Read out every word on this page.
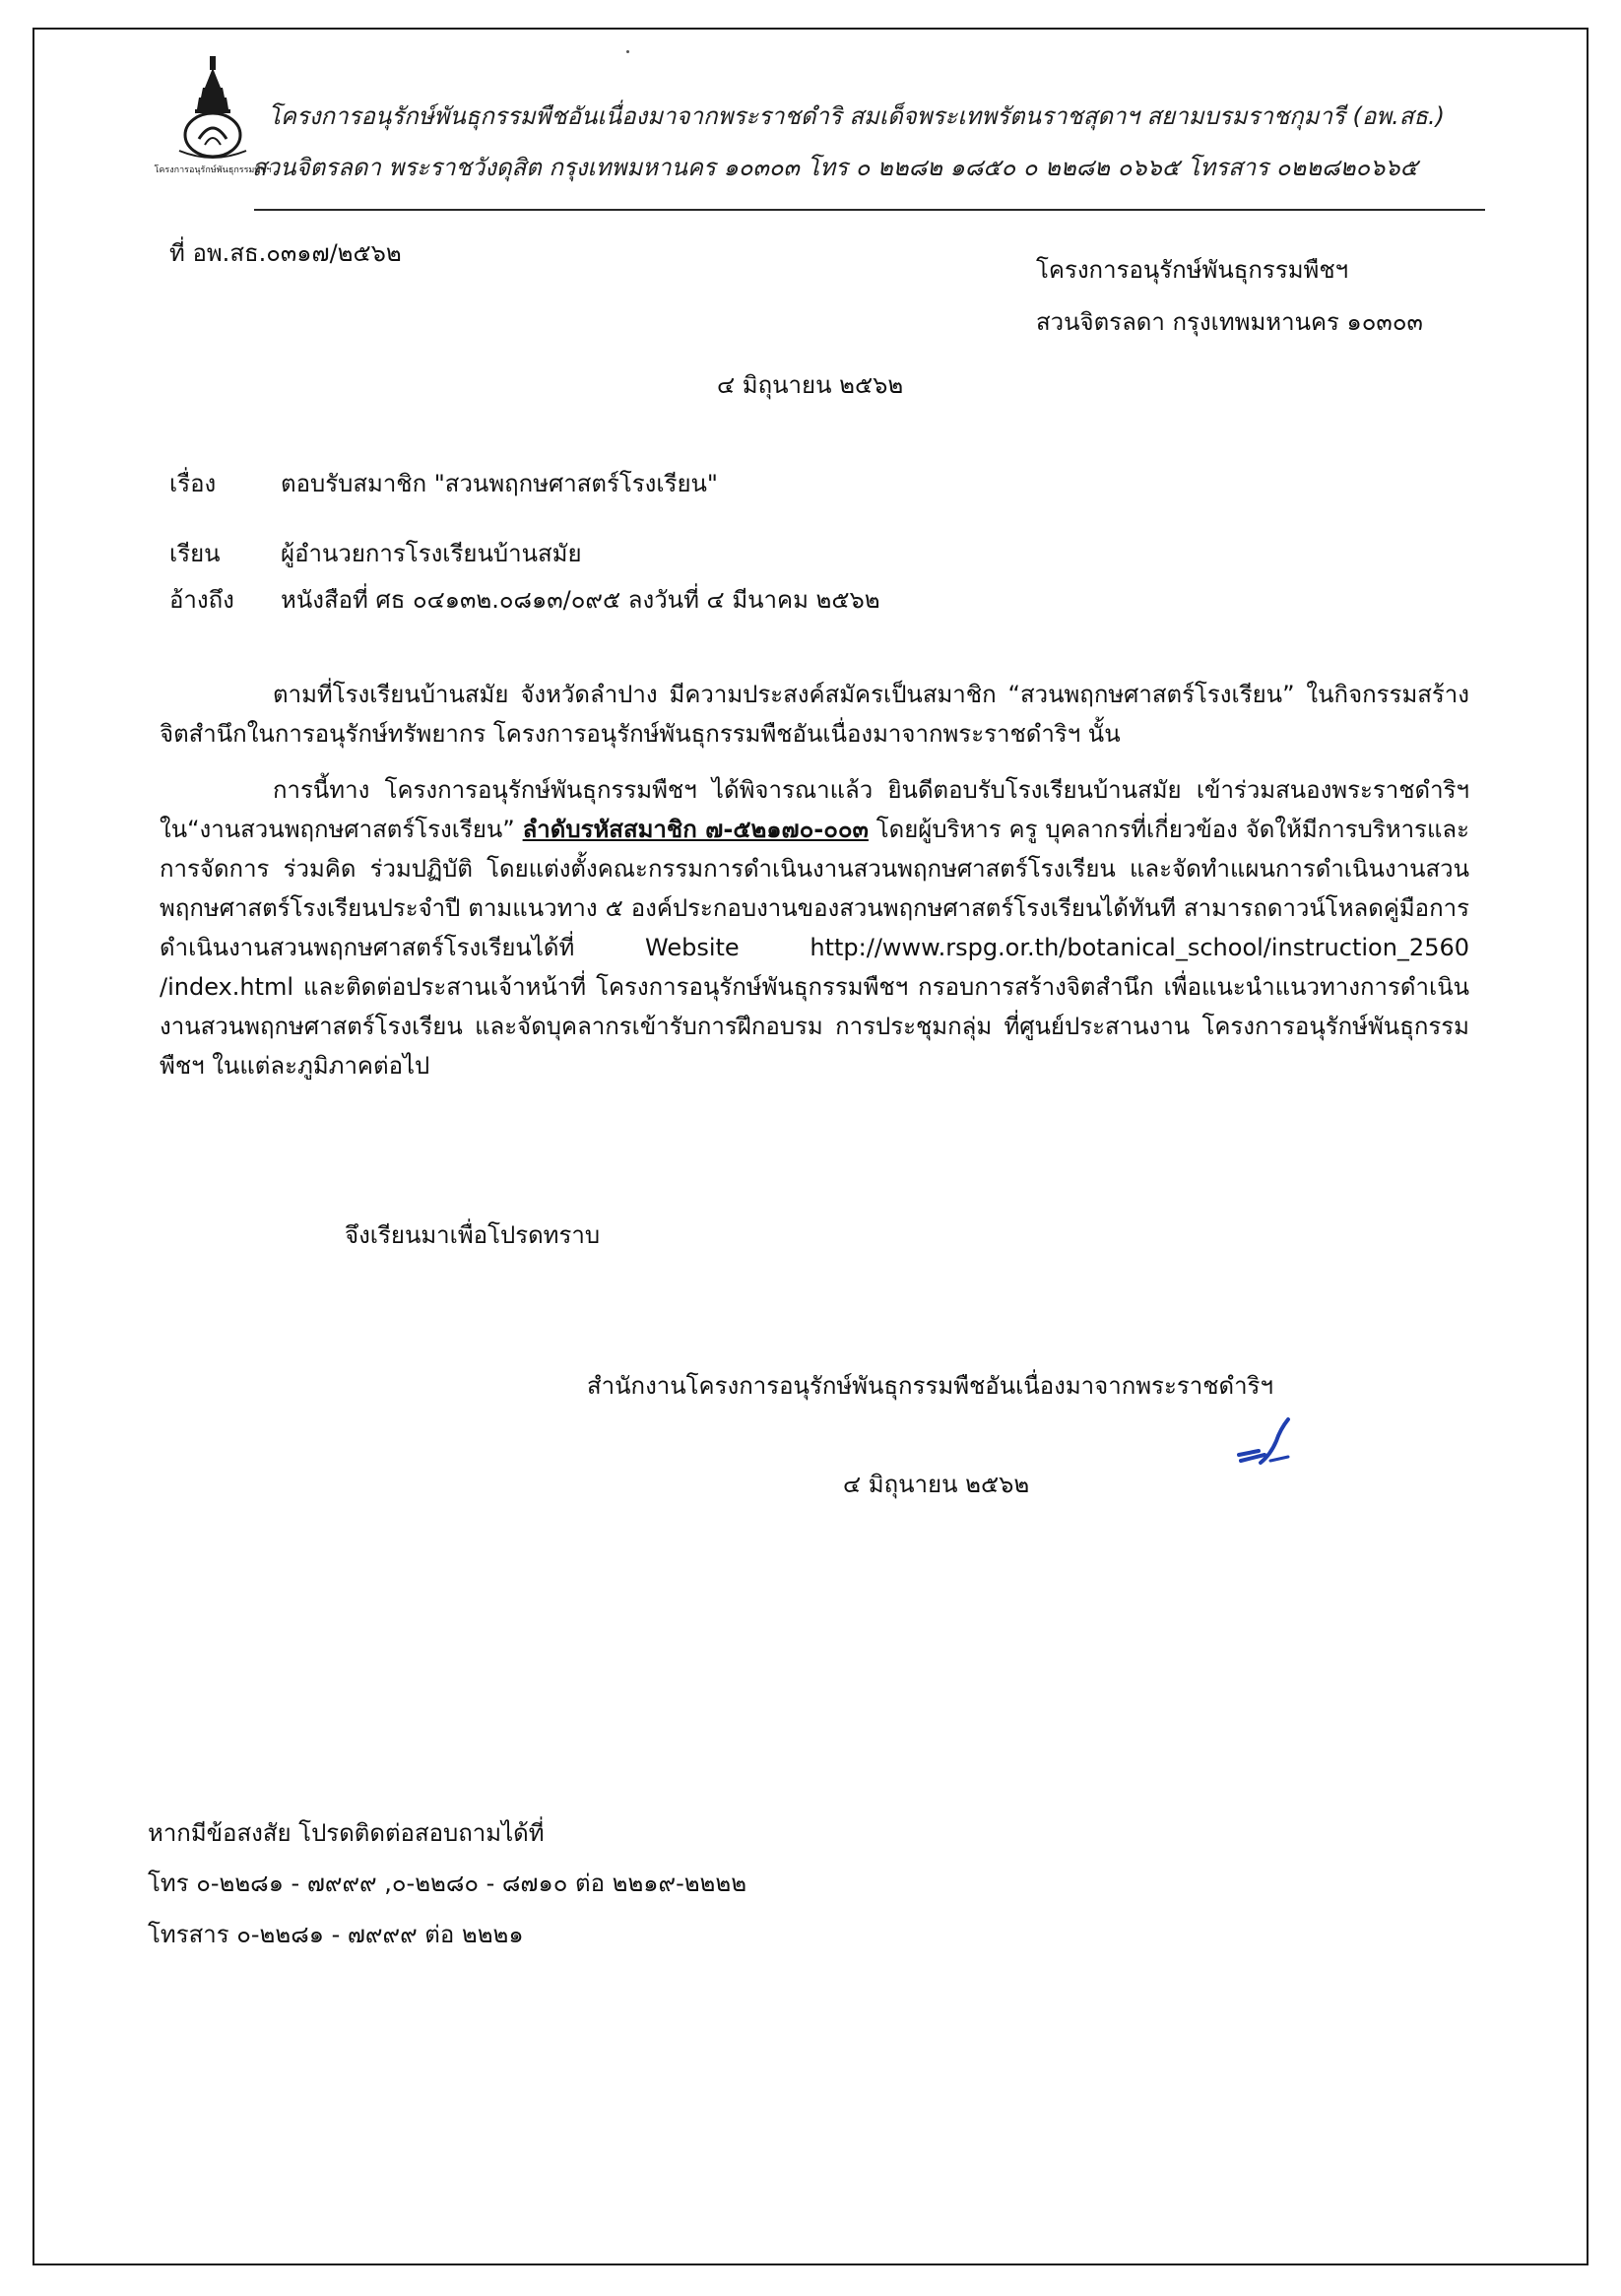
โครงการอนุรักษ์พันธุกรรมพืชฯ

โครงการอนุรักษ์พันธุกรรมพืชอันเนื่องมาจากพระราชดำริ สมเด็จพระเทพรัตนราชสุดาฯ สยามบรมราชกุมารี (อพ.สธ.)

สวนจิตรลดา พระราชวังดุสิต กรุงเทพมหานคร ๑๐๓๐๓ โทร ๐ ๒๒๘๒ ๑๘๕๐ ๐ ๒๒๘๒ ๐๖๖๕ โทรสาร ๐๒๒๘๒๐๖๖๕

ที่ อพ.สธ.๐๓๑๗/๒๕๖๒

โครงการอนุรักษ์พันธุกรรมพืชฯ

สวนจิตรลดา กรุงเทพมหานคร ๑๐๓๐๓

๔ มิถุนายน ๒๕๖๒

เรื่อง	ตอบรับสมาชิก "สวนพฤกษศาสตร์โรงเรียน"

เรียน	ผู้อำนวยการโรงเรียนบ้านสมัย

อ้างถึง หนังสือที่ ศธ ๐๔๑๓๒.๐๘๑๓/๐๙๕ ลงวันที่ ๔ มีนาคม ๒๕๖๒

ตามที่โรงเรียนบ้านสมัย จังหวัดลำปาง มีความประสงค์สมัครเป็นสมาชิก “สวนพฤกษศาสตร์โรงเรียน” ในกิจกรรมสร้างจิตสำนึกในการอนุรักษ์ทรัพยากร โครงการอนุรักษ์พันธุกรรมพืชอันเนื่องมาจากพระราชดำริฯ นั้น

การนี้ทาง โครงการอนุรักษ์พันธุกรรมพืชฯ ได้พิจารณาแล้ว ยินดีตอบรับโรงเรียนบ้านสมัย เข้าร่วมสนองพระราชดำริฯ ใน“งานสวนพฤกษศาสตร์โรงเรียน” ลำดับรหัสสมาชิก ๗-๕๒๑๗๐-๐๐๓ โดยผู้บริหาร ครู บุคลากรที่เกี่ยวข้อง จัดให้มีการบริหารและการจัดการ ร่วมคิด ร่วมปฏิบัติ โดยแต่งตั้งคณะกรรมการดำเนินงานสวนพฤกษศาสตร์โรงเรียน และจัดทำแผนการดำเนินงานสวนพฤกษศาสตร์โรงเรียนประจำปี ตามแนวทาง ๕ องค์ประกอบงานของสวนพฤกษศาสตร์โรงเรียนได้ทันที สามารถดาวน์โหลดคู่มือการดำเนินงานสวนพฤกษศาสตร์โรงเรียนได้ที่ Website http://www.rspg.or.th/botanical_school/instruction_2560 /index.html และติดต่อประสานเจ้าหน้าที่ โครงการอนุรักษ์พันธุกรรมพืชฯ กรอบการสร้างจิตสำนึก เพื่อแนะนำแนวทางการดำเนินงานสวนพฤกษศาสตร์โรงเรียน และจัดบุคลากรเข้ารับการฝึกอบรม การประชุมกลุ่ม ที่ศูนย์ประสานงาน โครงการอนุรักษ์พันธุกรรมพืชฯ ในแต่ละภูมิภาคต่อไป

จึงเรียนมาเพื่อโปรดทราบ

สำนักงานโครงการอนุรักษ์พันธุกรรมพืชอันเนื่องมาจากพระราชดำริฯ

๔ มิถุนายน ๒๕๖๒

หากมีข้อสงสัย โปรดติดต่อสอบถามได้ที่

โทร ๐-๒๒๘๑ - ๗๙๙๙ ,๐-๒๒๘๐ - ๘๗๑๐ ต่อ ๒๒๑๙-๒๒๒๒

โทรสาร ๐-๒๒๘๑ - ๗๙๙๙ ต่อ ๒๒๒๑
